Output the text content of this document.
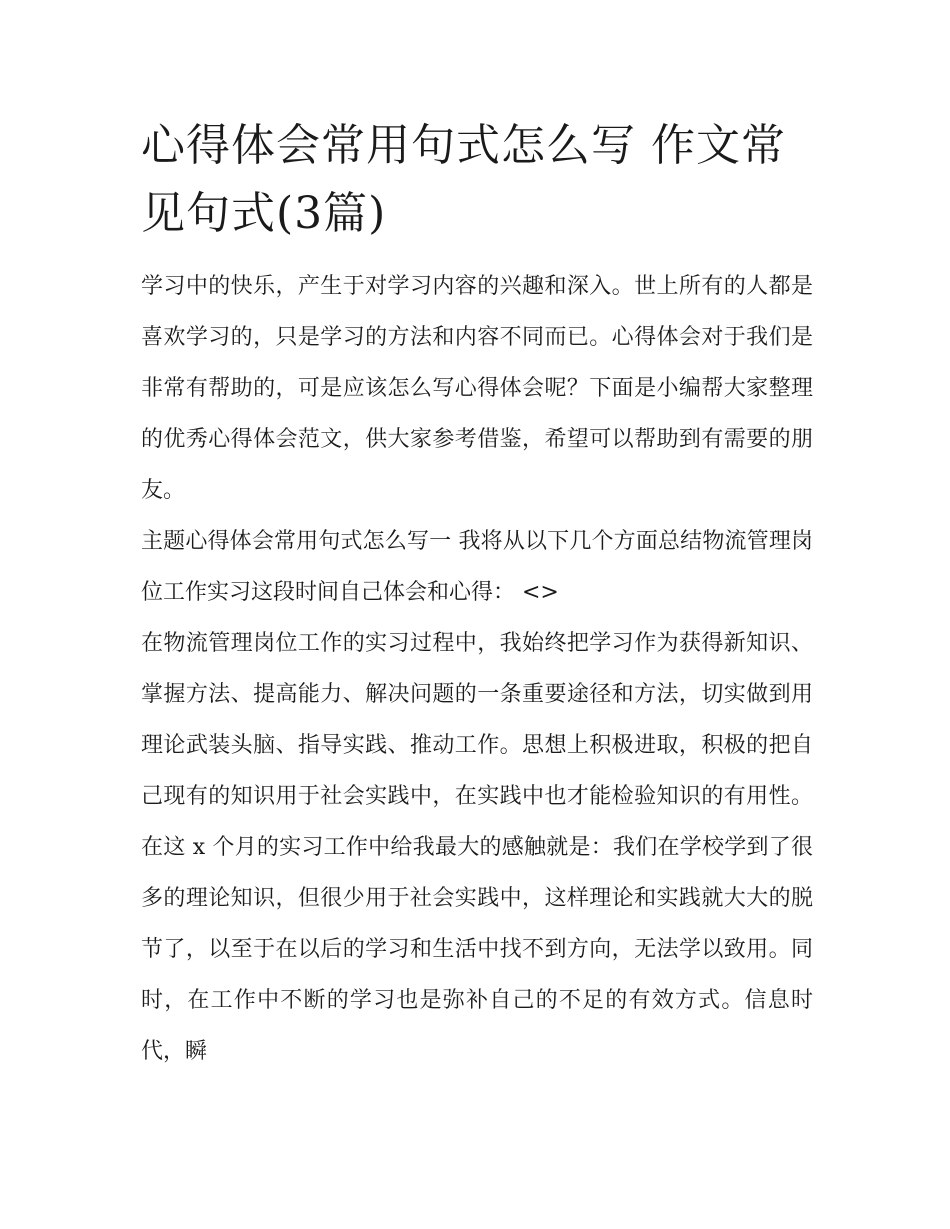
心得体会常用句式怎么写 作文常见句式(3篇)

学习中的快乐，产生于对学习内容的兴趣和深入。世上所有的人都是喜欢学习的，只是学习的方法和内容不同而已。心得体会对于我们是非常有帮助的，可是应该怎么写心得体会呢？下面是小编帮大家整理的优秀心得体会范文，供大家参考借鉴，希望可以帮助到有需要的朋友。

主题心得体会常用句式怎么写一 我将从以下几个方面总结物流管理岗位工作实习这段时间自己体会和心得： <>

在物流管理岗位工作的实习过程中，我始终把学习作为获得新知识、掌握方法、提高能力、解决问题的一条重要途径和方法，切实做到用理论武装头脑、指导实践、推动工作。思想上积极进取，积极的把自己现有的知识用于社会实践中，在实践中也才能检验知识的有用性。在这 x 个月的实习工作中给我最大的感触就是：我们在学校学到了很多的理论知识，但很少用于社会实践中，这样理论和实践就大大的脱节了，以至于在以后的学习和生活中找不到方向，无法学以致用。同时，在工作中不断的学习也是弥补自己的不足的有效方式。信息时代，瞬
